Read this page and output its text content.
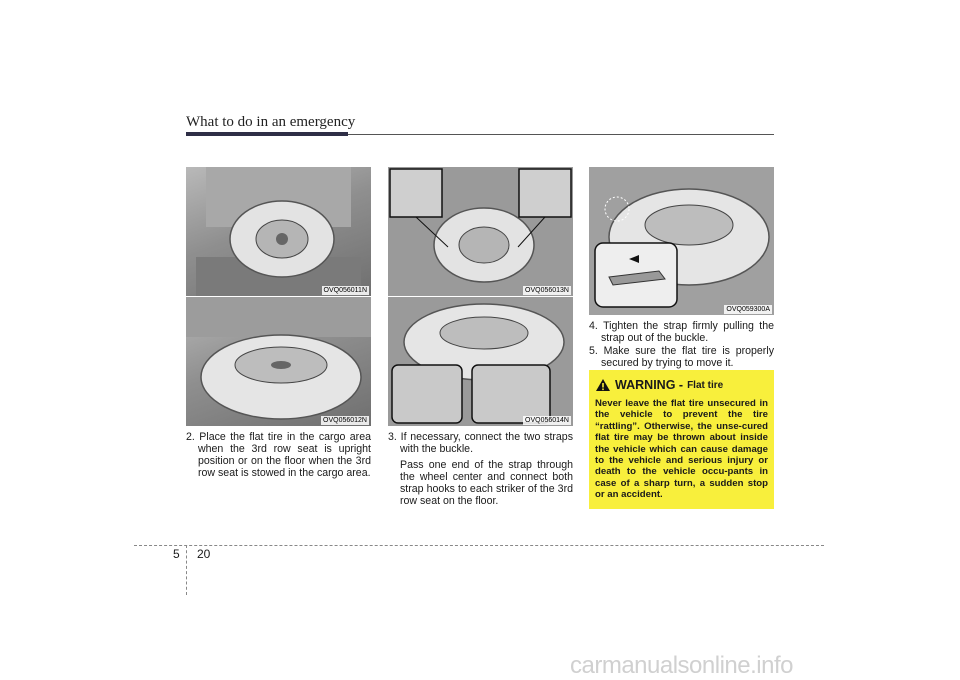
What to do in an emergency
OVQ056011N
OVQ056012N
2. Place the flat tire in the cargo area when the 3rd row seat is upright position or on the floor when the 3rd row seat is stowed in the cargo area.
OVQ056013N
OVQ056014N
3. If necessary, connect the two straps with the buckle.
Pass one end of the strap through the wheel center and connect both strap hooks to each striker of the 3rd row seat on the floor.
OVQ059300A
4. Tighten the strap firmly pulling the strap out of the buckle.
5. Make sure the flat tire is properly secured by trying to move it.
WARNING - Flat tire
Never leave the flat tire unsecured in the vehicle to prevent the tire “rattling”. Otherwise, the unse-cured flat tire may be thrown about inside the vehicle which can cause damage to the vehicle and serious injury or death to the vehicle occu-pants in case of a sharp turn, a sudden stop or an accident.
5 20
carmanualsonline.info
